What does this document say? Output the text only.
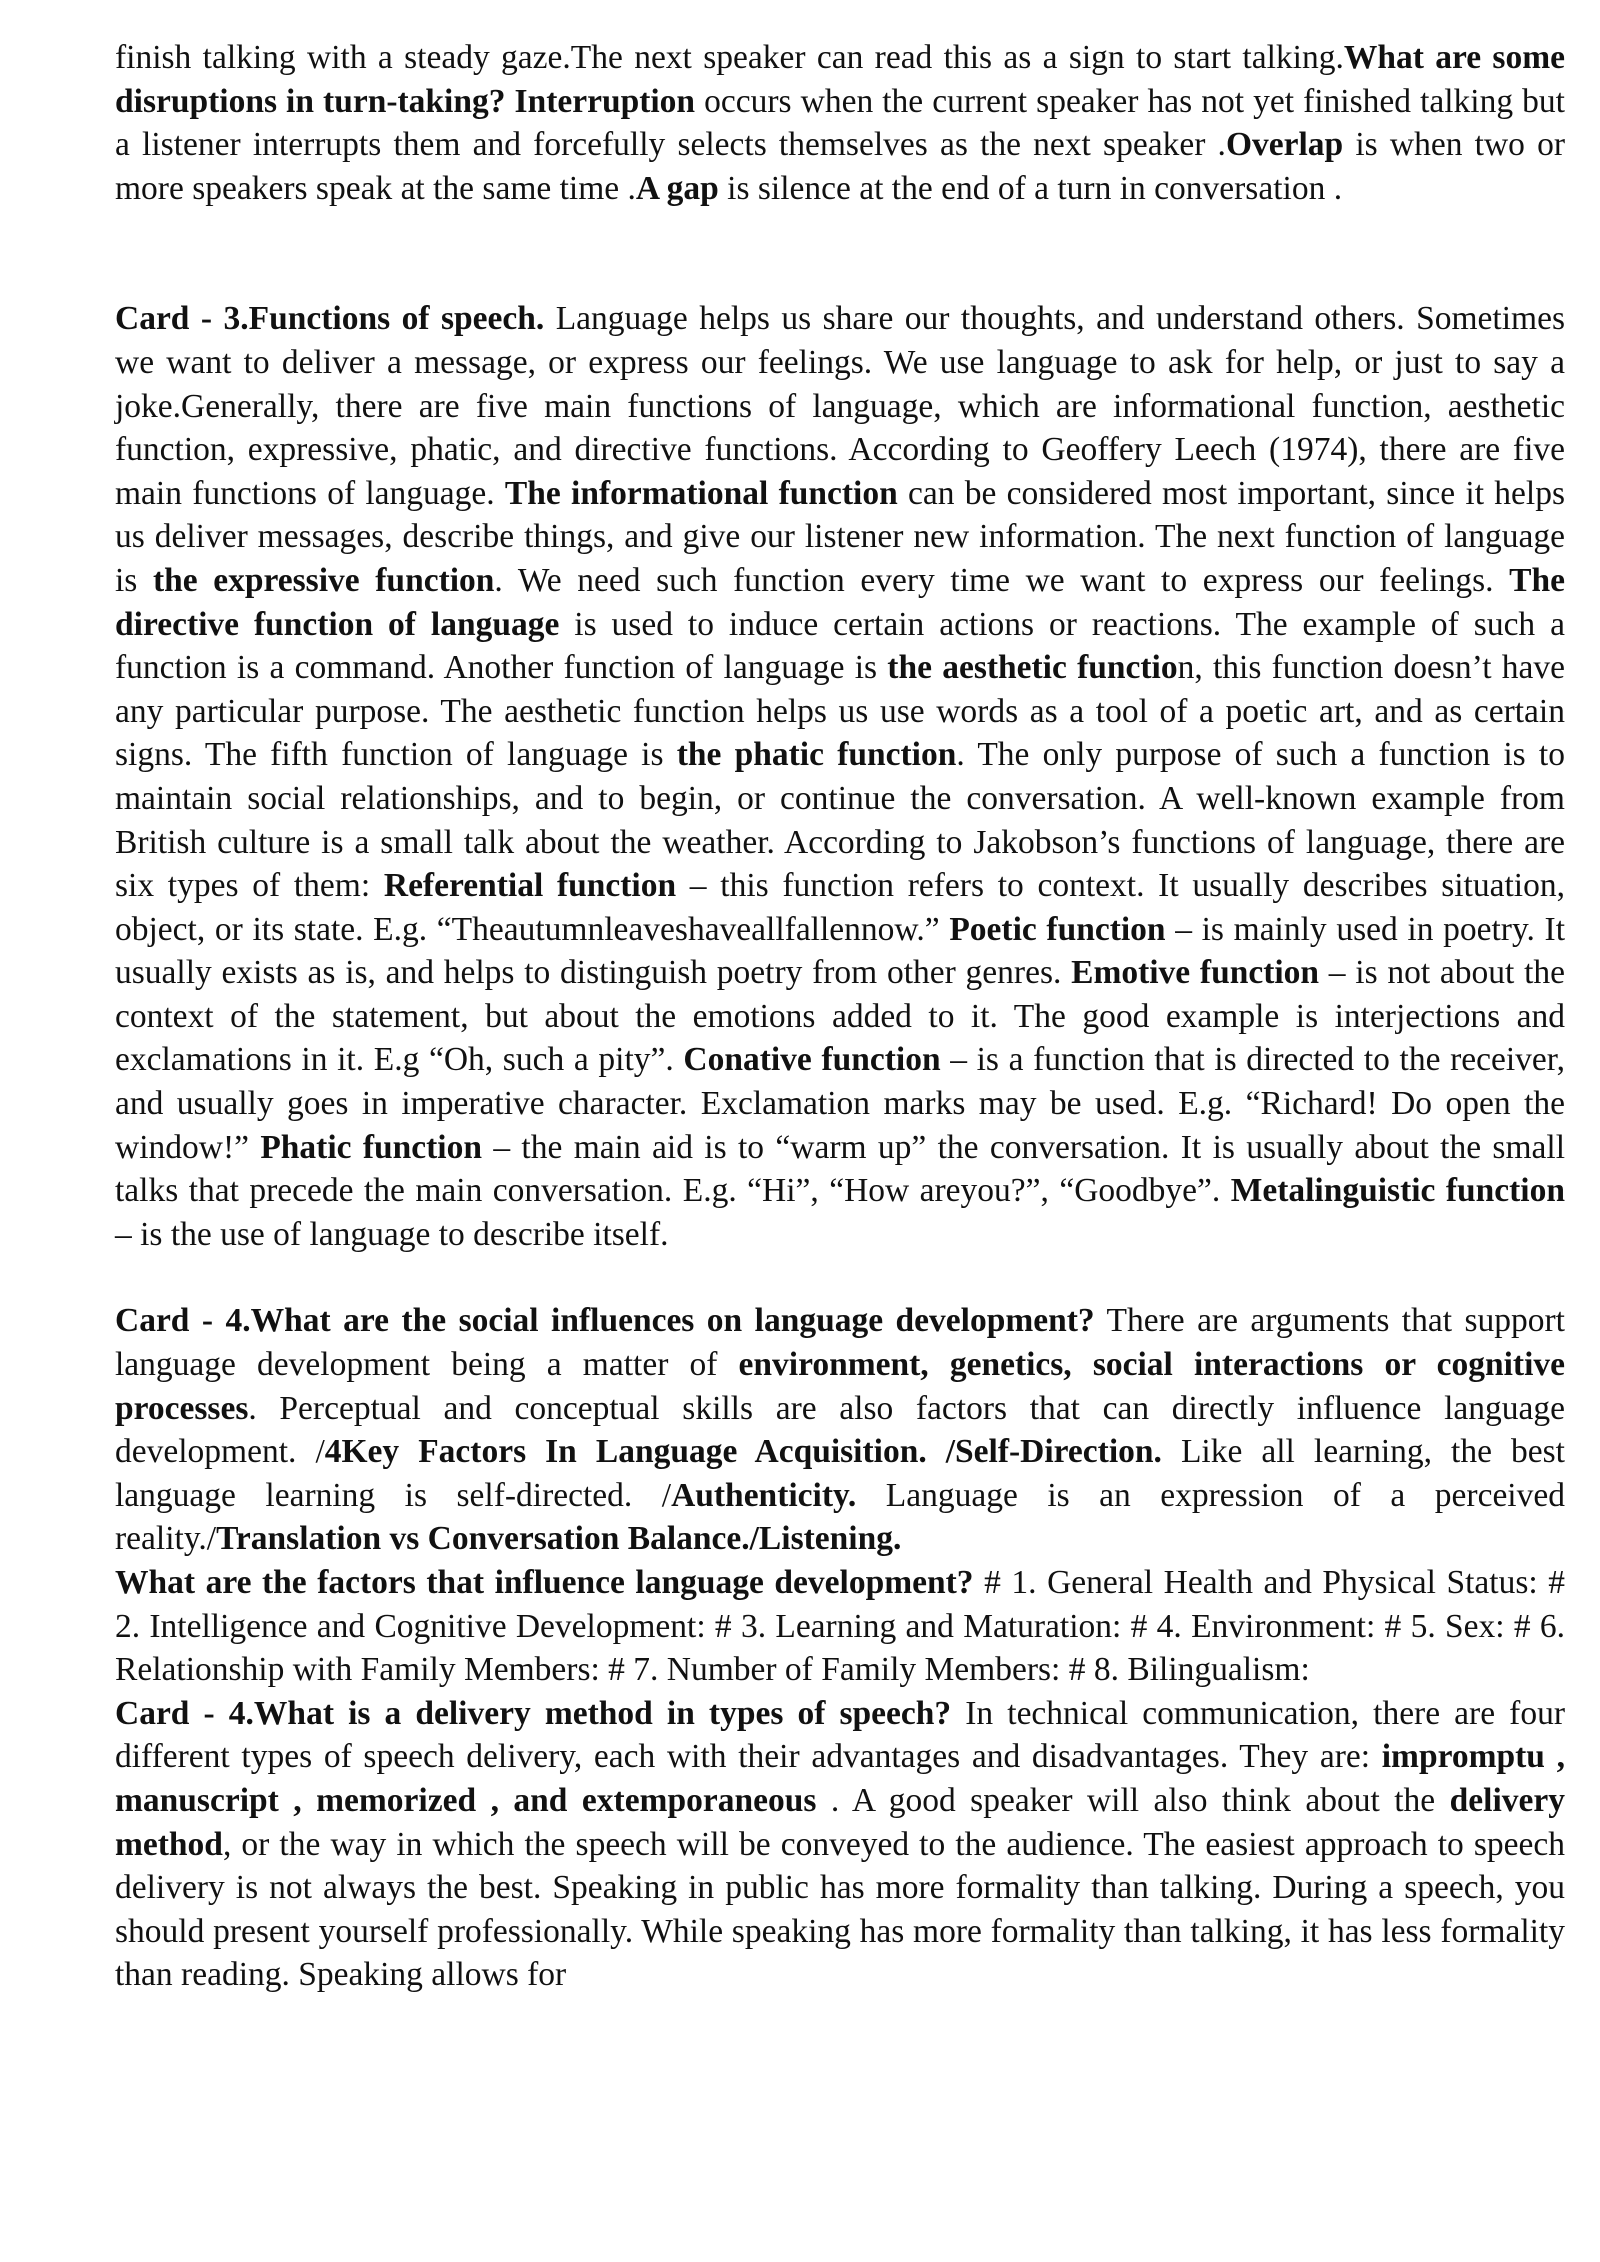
finish talking with a steady gaze.The next speaker can read this as a sign to start talking.What are some disruptions in turn-taking? Interruption occurs when the current speaker has not yet finished talking but a listener interrupts them and forcefully selects themselves as the next speaker .Overlap is when two or more speakers speak at the same time .A gap is silence at the end of a turn in conversation .

Card - 3.Functions of speech. Language helps us share our thoughts, and understand others. Sometimes we want to deliver a message, or express our feelings. We use language to ask for help, or just to say a joke.Generally, there are five main functions of language, which are informational function, aesthetic function, expressive, phatic, and directive functions. According to Geoffery Leech (1974), there are five main functions of language. The informational function can be considered most important, since it helps us deliver messages, describe things, and give our listener new information. The next function of language is the expressive function. We need such function every time we want to express our feelings. The directive function of language is used to induce certain actions or reactions. The example of such a function is a command. Another function of language is the aesthetic function, this function doesn’t have any particular purpose. The aesthetic function helps us use words as a tool of a poetic art, and as certain signs. The fifth function of language is the phatic function. The only purpose of such a function is to maintain social relationships, and to begin, or continue the conversation. A well-known example from British culture is a small talk about the weather. According to Jakobson’s functions of language, there are six types of them: Referential function – this function refers to context. It usually describes situation, object, or its state. E.g. “Theautumnleaveshaveallfallennow.” Poetic function – is mainly used in poetry. It usually exists as is, and helps to distinguish poetry from other genres. Emotive function – is not about the context of the statement, but about the emotions added to it. The good example is interjections and exclamations in it. E.g “Oh, such a pity”. Conative function – is a function that is directed to the receiver, and usually goes in imperative character. Exclamation marks may be used. E.g. “Richard! Do open the window!” Phatic function – the main aid is to “warm up” the conversation. It is usually about the small talks that precede the main conversation. E.g. “Hi”, “How areyou?”, “Goodbye”. Metalinguistic function – is the use of language to describe itself.

Card - 4.What are the social influences on language development? There are arguments that support language development being a matter of environment, genetics, social interactions or cognitive processes. Perceptual and conceptual skills are also factors that can directly influence language development. /4Key Factors In Language Acquisition. /Self-Direction. Like all learning, the best language learning is self-directed. /Authenticity. Language is an expression of a perceived reality./Translation vs Conversation Balance./Listening.

What are the factors that influence language development? # 1. General Health and Physical Status: # 2. Intelligence and Cognitive Development: # 3. Learning and Maturation: # 4. Environment: # 5. Sex: # 6. Relationship with Family Members: # 7. Number of Family Members: # 8. Bilingualism:

Card - 4.What is a delivery method in types of speech? In technical communication, there are four different types of speech delivery, each with their advantages and disadvantages. They are: impromptu , manuscript , memorized , and extemporaneous . A good speaker will also think about the delivery method, or the way in which the speech will be conveyed to the audience. The easiest approach to speech delivery is not always the best. Speaking in public has more formality than talking. During a speech, you should present yourself professionally. While speaking has more formality than talking, it has less formality than reading. Speaking allows for
